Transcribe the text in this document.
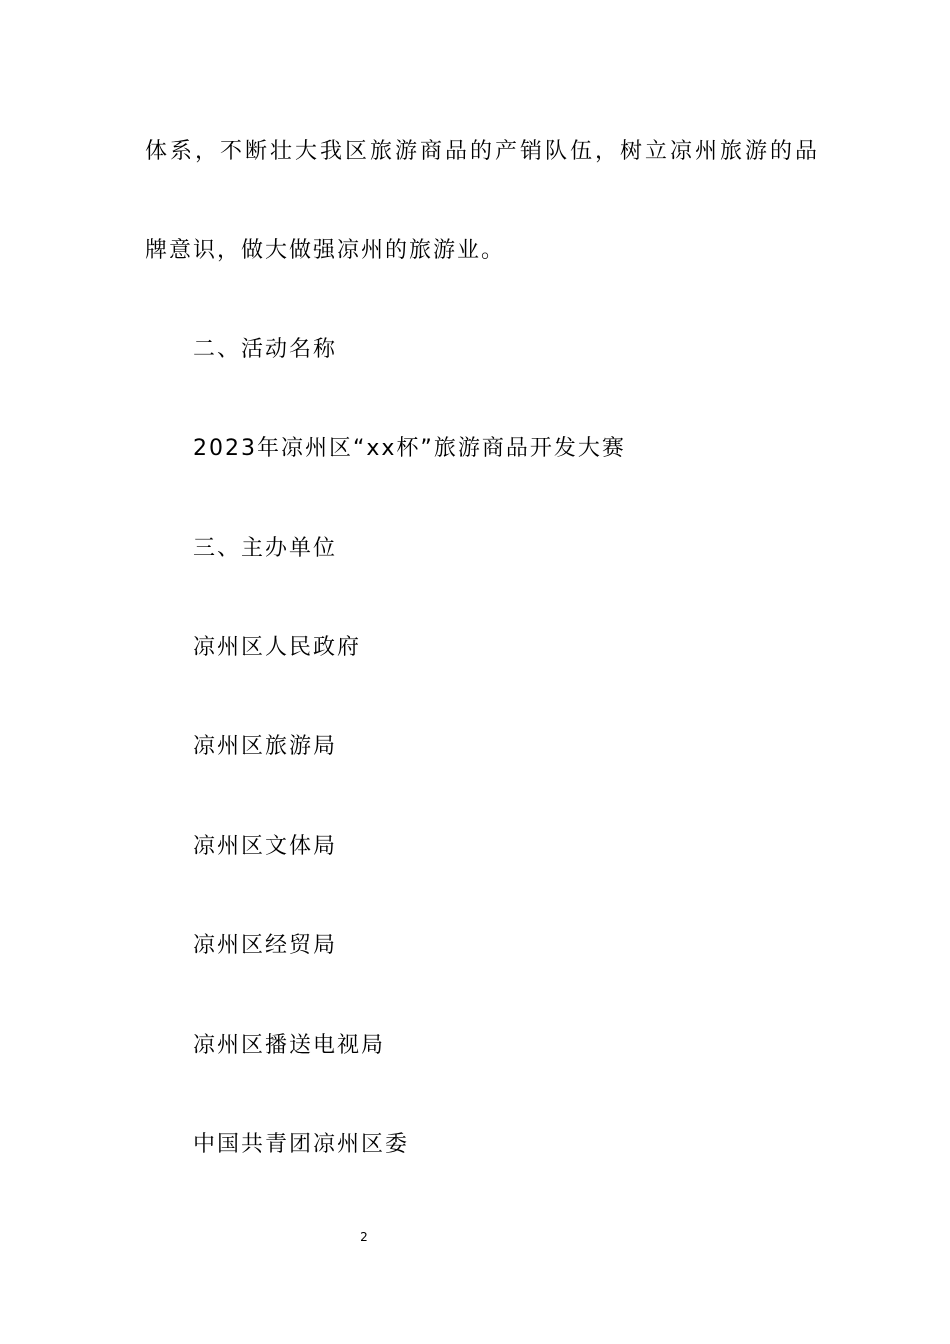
体系，不断壮大我区旅游商品的产销队伍，树立凉州旅游的品
牌意识，做大做强凉州的旅游业。
二、活动名称
2023年凉州区“xx杯”旅游商品开发大赛
三、主办单位
凉州区人民政府
凉州区旅游局
凉州区文体局
凉州区经贸局
凉州区播送电视局
中国共青团凉州区委
2
